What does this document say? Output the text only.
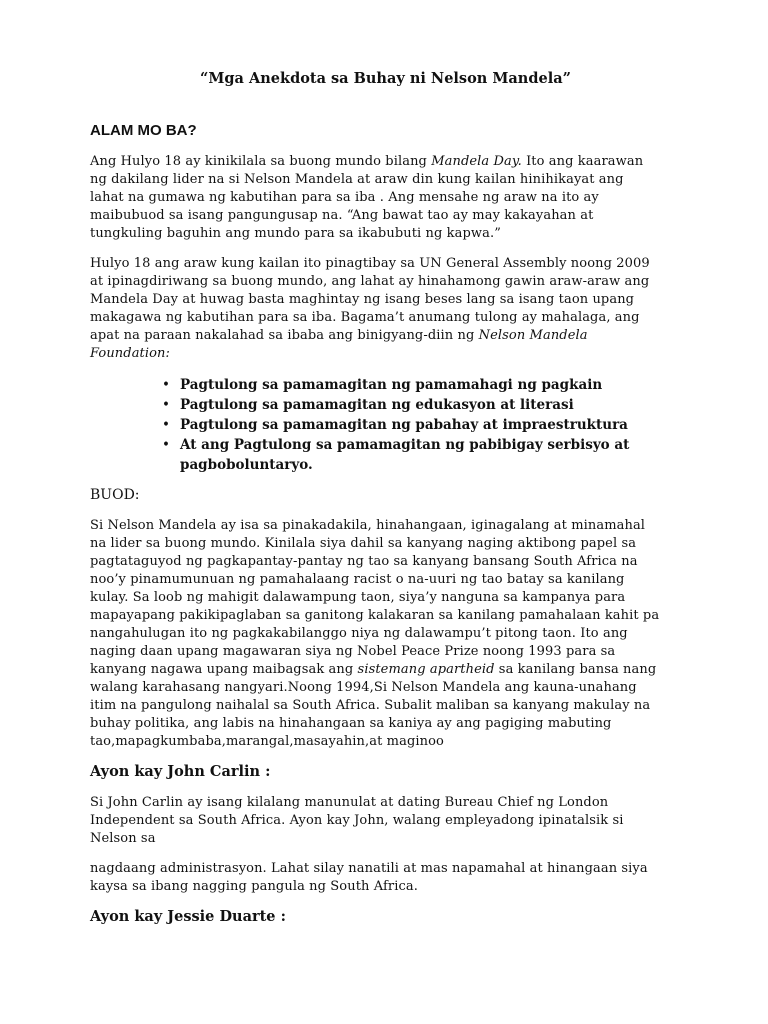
“Mga Anekdota sa Buhay ni Nelson Mandela”
ALAM MO BA?

Ang Hulyo 18 ay kinikilala sa buong mundo bilang Mandela Day. Ito ang kaarawan ng dakilang lider na si Nelson Mandela at araw din kung kailan hinihikayat ang lahat na gumawa ng kabutihan para sa iba . Ang mensahe ng araw na ito ay maibubuod sa isang pangungusap na. “Ang bawat tao ay may kakayahan at tungkuling baguhin ang mundo para sa ikabubuti ng kapwa.”

Hulyo 18 ang araw kung kailan ito pinagtibay sa UN General Assembly noong 2009 at ipinagdiriwang sa buong mundo, ang lahat ay hinahamong gawin araw-araw ang Mandela Day at huwag basta maghintay ng isang beses lang sa isang taon upang makagawa ng kabutihan para sa iba. Bagama’t anumang tulong ay mahalaga, ang apat na paraan nakalahad sa ibaba ang binigyang-diin ng Nelson Mandela Foundation:

• Pagtulong sa pamamagitan ng pamamahagi ng pagkain
• Pagtulong sa pamamagitan ng edukasyon at literasi
• Pagtulong sa pamamagitan ng pabahay at impraestruktura
• At ang Pagtulong sa pamamagitan ng pabibigay serbisyo at pagboboluntaryo.
BUOD:

Si Nelson Mandela ay isa sa pinakadakila, hinahangaan, iginagalang at minamahal na lider sa buong mundo. Kinilala siya dahil sa kanyang naging aktibong papel sa pagtataguyod ng pagkapantay-pantay ng tao sa kanyang bansang South Africa na noo’y pinamumunuan ng pamahalaang racist o na-uuri ng tao batay sa kanilang kulay. Sa loob ng mahigit dalawampung taon, siya’y nanguna sa kampanya para mapayapang pakikipaglaban sa ganitong kalakaran sa kanilang pamahalaan kahit pa nangahulugan ito ng pagkakabilanggo niya ng dalawampu’t pitong taon. Ito ang naging daan upang magawaran siya ng Nobel Peace Prize noong 1993 para sa kanyang nagawa upang maibagsak ang sistemang apartheid sa kanilang bansa nang walang karahasang nangyari.Noong 1994,Si Nelson Mandela ang kauna-unahang itim na pangulong naihalal sa South Africa. Subalit maliban sa kanyang makulay na buhay politika, ang labis na hinahangaan sa kaniya ay ang pagiging mabuting tao,mapagkumbaba,marangal,masayahin,at maginoo

Ayon kay John Carlin :

Si John Carlin ay isang kilalang manunulat at dating Bureau Chief ng London Independent sa South Africa. Ayon kay John, walang empleyadong ipinatalsik si Nelson sa

nagdaang administrasyon. Lahat silay nanatili at mas napamahal at hinangaan siya kaysa sa ibang nagging pangula ng South Africa.

Ayon kay Jessie Duarte :
